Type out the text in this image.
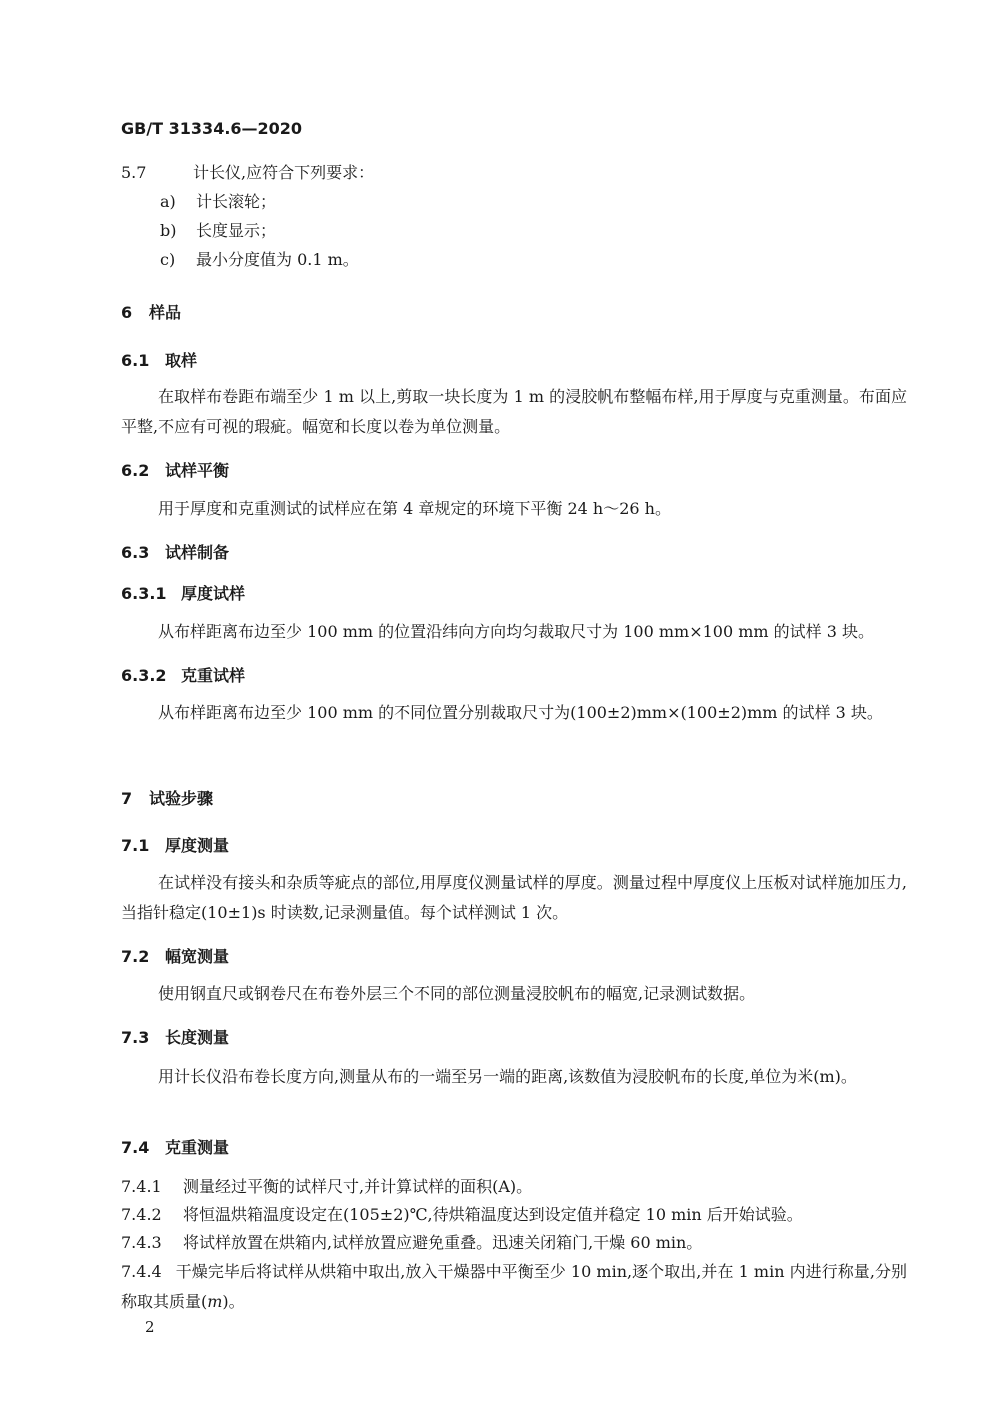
GB/T 31334.6—2020
5.7	计长仪,应符合下列要求：
a) 计长滚轮；
b) 长度显示；
c) 最小分度值为 0.1 m。
6 样品
6.1 取样
在取样布卷距布端至少 1 m 以上,剪取一块长度为 1 m 的浸胶帆布整幅布样,用于厚度与克重测量。布面应平整,不应有可视的瑕疵。幅宽和长度以卷为单位测量。
6.2 试样平衡
用于厚度和克重测试的试样应在第 4 章规定的环境下平衡 24 h～26 h。
6.3 试样制备
6.3.1 厚度试样
从布样距离布边至少 100 mm 的位置沿纬向方向均匀裁取尺寸为 100 mm×100 mm 的试样 3 块。
6.3.2 克重试样
从布样距离布边至少 100 mm 的不同位置分别裁取尺寸为(100±2)mm×(100±2)mm 的试样 3 块。
7 试验步骤
7.1 厚度测量
在试样没有接头和杂质等疵点的部位,用厚度仪测量试样的厚度。测量过程中厚度仪上压板对试样施加压力,当指针稳定(10±1)s 时读数,记录测量值。每个试样测试 1 次。
7.2 幅宽测量
使用钢直尺或钢卷尺在布卷外层三个不同的部位测量浸胶帆布的幅宽,记录测试数据。
7.3 长度测量
用计长仪沿布卷长度方向,测量从布的一端至另一端的距离,该数值为浸胶帆布的长度,单位为米(m)。
7.4 克重测量
7.4.1 测量经过平衡的试样尺寸,并计算试样的面积(A)。
7.4.2 将恒温烘箱温度设定在(105±2)℃,待烘箱温度达到设定值并稳定 10 min 后开始试验。
7.4.3 将试样放置在烘箱内,试样放置应避免重叠。迅速关闭箱门,干燥 60 min。
7.4.4 干燥完毕后将试样从烘箱中取出,放入干燥器中平衡至少 10 min,逐个取出,并在 1 min 内进行称量,分别称取其质量(m)。
2
